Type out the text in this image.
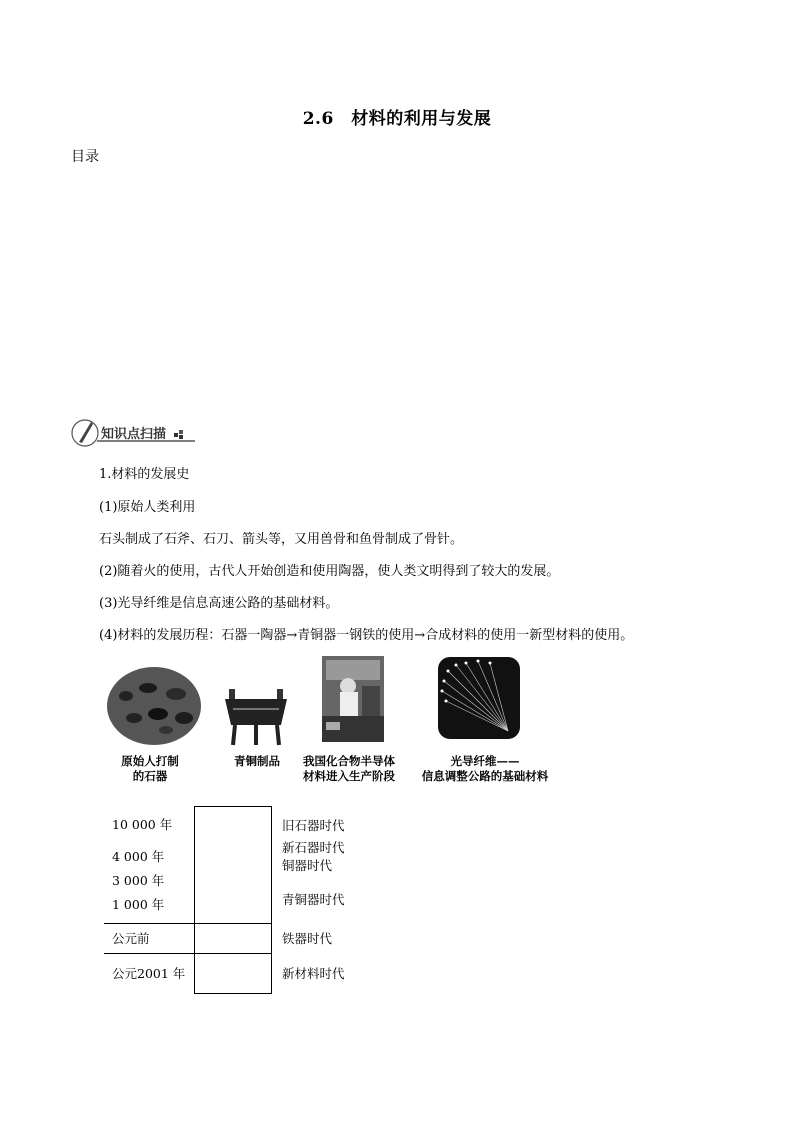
2.6　材料的利用与发展
目录
知识点扫描
1.材料的发展史
(1)原始人类利用
石头制成了石斧、石刀、箭头等，又用兽骨和鱼骨制成了骨针。
(2)随着火的使用，古代人开始创造和使用陶器，使人类文明得到了较大的发展。
(3)光导纤维是信息高速公路的基础材料。
(4)材料的发展历程：石器一陶器→青铜器一钢铁的使用→合成材料的使用一新型材料的使用。
原始人打制
的石器
青铜制品	我国化合物半导体
材料进入生产阶段
光导纤维——
信息调整公路的基础材料
10 000 年
4 000 年
3 000 年
1 000 年
公元前
公元2001 年
旧石器时代
新石器时代
铜器时代
青铜器时代
铁器时代
新材料时代
